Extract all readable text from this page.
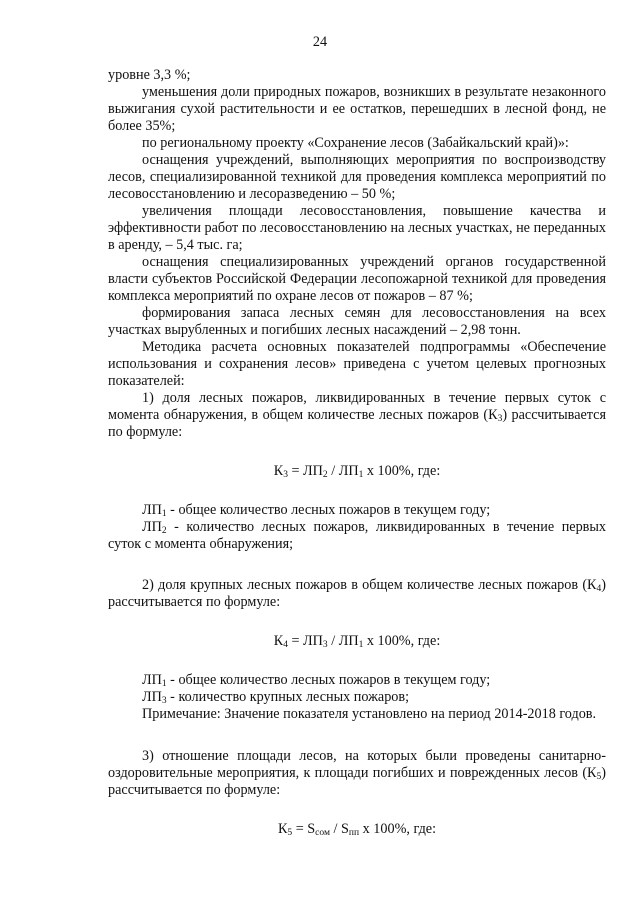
24

уровне 3,3 %;

уменьшения доли природных пожаров, возникших в результате незаконного выжигания сухой растительности и ее остатков, перешедших в лесной фонд, не более 35%;

по региональному проекту «Сохранение лесов (Забайкальский край)»:

оснащения учреждений, выполняющих мероприятия по воспроизводству лесов, специализированной техникой для проведения комплекса мероприятий по лесовосстановлению и лесоразведению – 50 %;

увеличения площади лесовосстановления, повышение качества и эффективности работ по лесовосстановлению на лесных участках, не переданных в аренду, – 5,4 тыс. га;

оснащения специализированных учреждений органов государственной власти субъектов Российской Федерации лесопожарной техникой для проведения комплекса мероприятий по охране лесов от пожаров – 87 %;

формирования запаса лесных семян для лесовосстановления на всех участках вырубленных и погибших лесных насаждений – 2,98 тонн.

Методика расчета основных показателей подпрограммы «Обеспечение использования и сохранения лесов» приведена с учетом целевых прогнозных показателей:

1) доля лесных пожаров, ликвидированных в течение первых суток с момента обнаружения, в общем количестве лесных пожаров $(К_3)$ рассчитывается по формуле:

$К_3 = ЛП_2 / ЛП_1$ х 100%, где:

$ЛП_1$ - общее количество лесных пожаров в текущем году;

$ЛП_2$ - количество лесных пожаров, ликвидированных в течение первых суток с момента обнаружения;

2) доля крупных лесных пожаров в общем количестве лесных пожаров $(К_4)$ рассчитывается по формуле:

$К_4 = ЛП_3 / ЛП_1$ х 100%, где:

$ЛП_1$ - общее количество лесных пожаров в текущем году;

$ЛП_3$ - количество крупных лесных пожаров;

Примечание: Значение показателя установлено на период 2014-2018 годов.

3) отношение площади лесов, на которых были проведены санитарно-оздоровительные мероприятия, к площади погибших и поврежденных лесов $(К_5)$ рассчитывается по формуле:

$К_5 = S_{сом} / S_{пп}$ х 100%, где:
